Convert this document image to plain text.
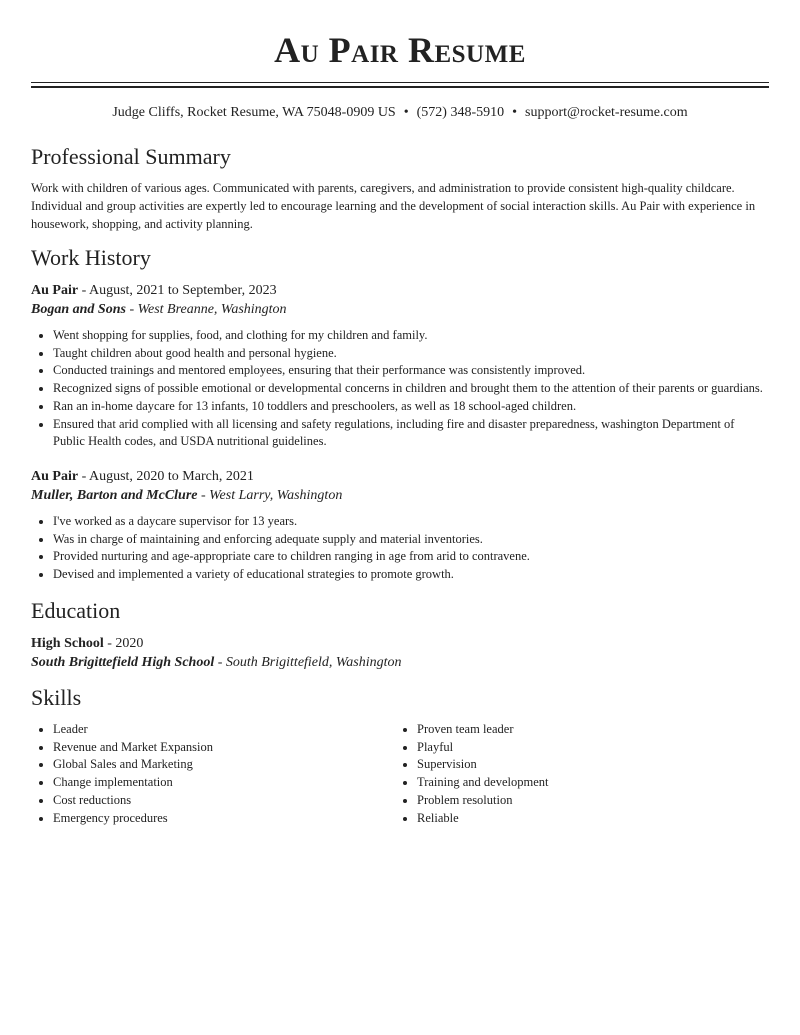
Au Pair Resume
Judge Cliffs, Rocket Resume, WA 75048-0909 US • (572) 348-5910 • support@rocket-resume.com
Professional Summary
Work with children of various ages. Communicated with parents, caregivers, and administration to provide consistent high-quality childcare. Individual and group activities are expertly led to encourage learning and the development of social interaction skills. Au Pair with experience in housework, shopping, and activity planning.
Work History
Au Pair - August, 2021 to September, 2023
Bogan and Sons - West Breanne, Washington
• Went shopping for supplies, food, and clothing for my children and family.
• Taught children about good health and personal hygiene.
• Conducted trainings and mentored employees, ensuring that their performance was consistently improved.
• Recognized signs of possible emotional or developmental concerns in children and brought them to the attention of their parents or guardians.
• Ran an in-home daycare for 13 infants, 10 toddlers and preschoolers, as well as 18 school-aged children.
• Ensured that arid complied with all licensing and safety regulations, including fire and disaster preparedness, washington Department of Public Health codes, and USDA nutritional guidelines.
Au Pair - August, 2020 to March, 2021
Muller, Barton and McClure - West Larry, Washington
• I've worked as a daycare supervisor for 13 years.
• Was in charge of maintaining and enforcing adequate supply and material inventories.
• Provided nurturing and age-appropriate care to children ranging in age from arid to contravene.
• Devised and implemented a variety of educational strategies to promote growth.
Education
High School - 2020
South Brigittefield High School - South Brigittefield, Washington
Skills
• Leader
• Revenue and Market Expansion
• Global Sales and Marketing
• Change implementation
• Cost reductions
• Emergency procedures
• Proven team leader
• Playful
• Supervision
• Training and development
• Problem resolution
• Reliable
